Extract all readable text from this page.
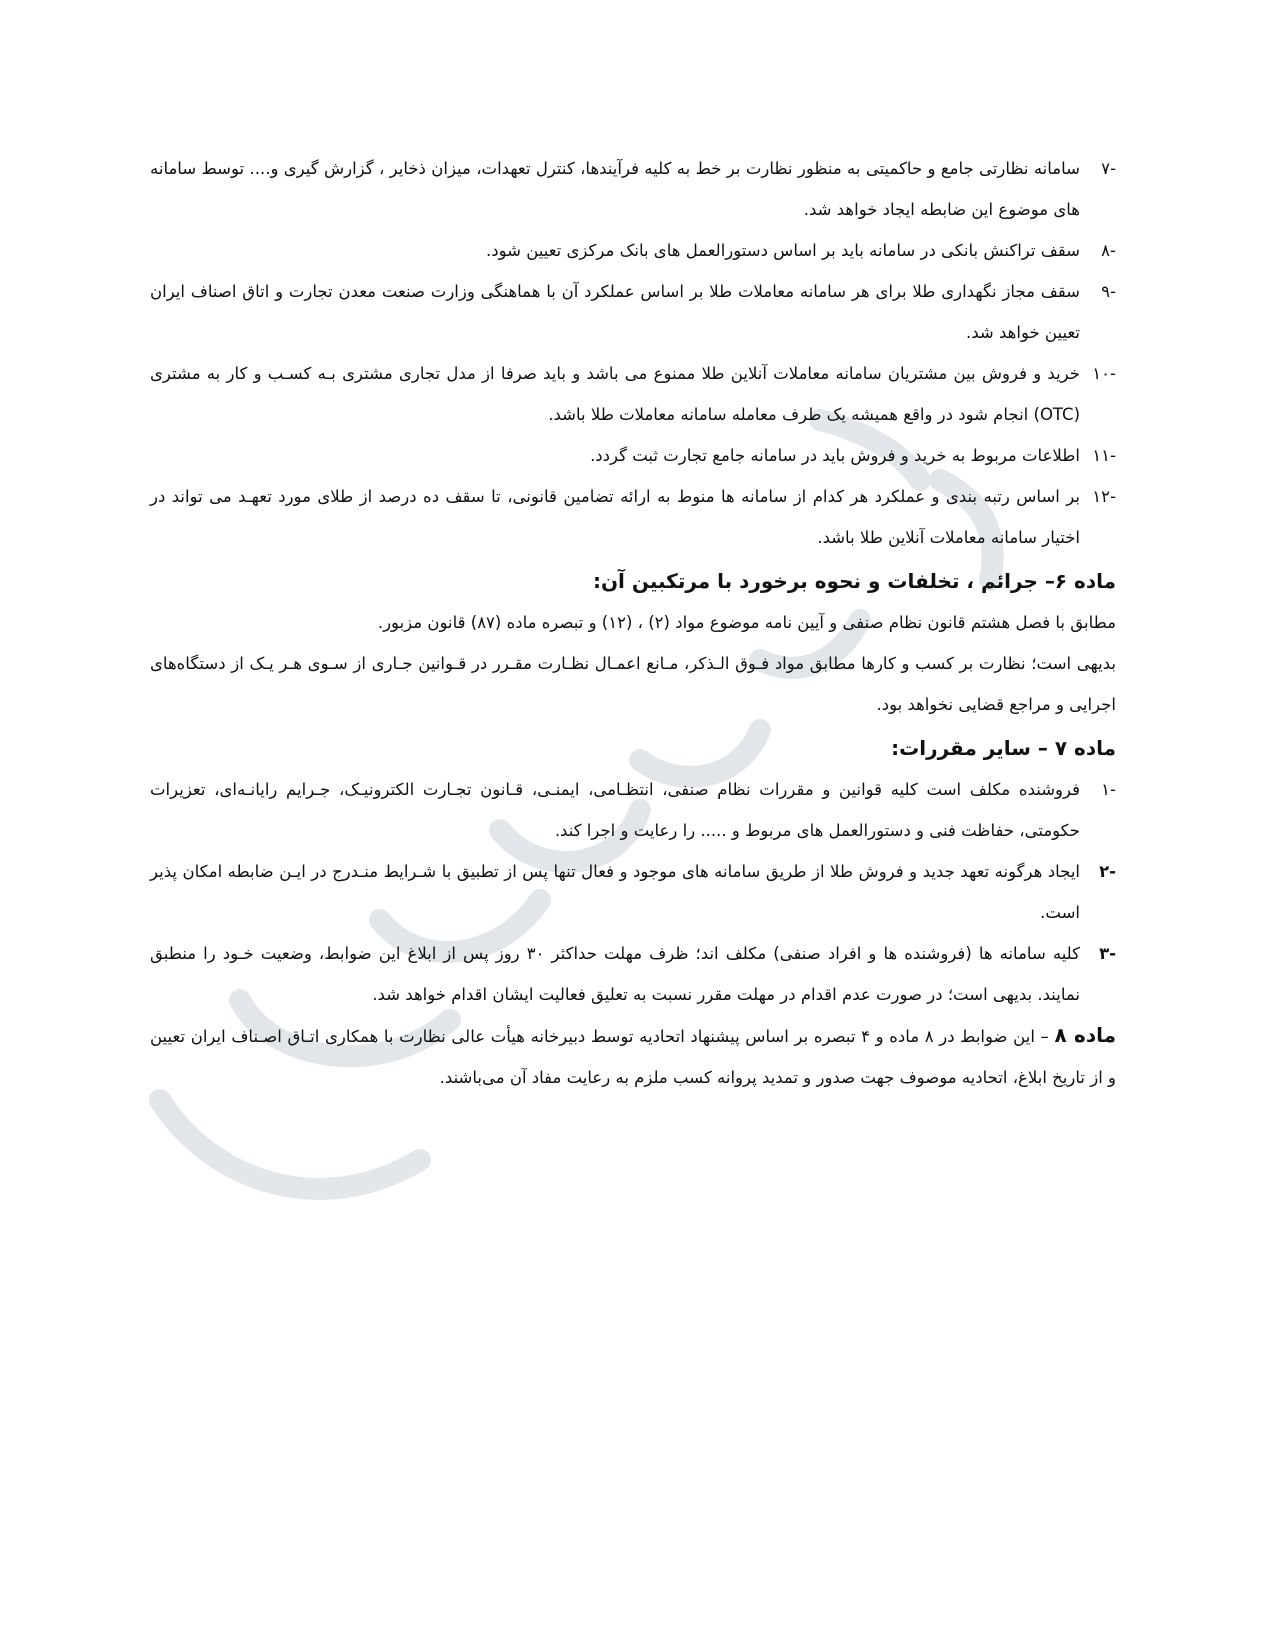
-۷
سامانه نظارتی جامع و حاکمیتی به منظور نظارت بر خط به کلیه فرآیندها، کنترل تعهدات، میزان ذخایر ، گزارش گیری و.... توسط سامانه های موضوع این ضابطه ایجاد خواهد شد.

-۸
سقف تراکنش بانکی در سامانه باید بر اساس دستورالعمل های بانک مرکزی تعیین شود.

-۹
سقف مجاز نگهداری طلا برای هر سامانه معاملات طلا بر اساس عملکرد آن با هماهنگی وزارت صنعت معدن تجارت و اتاق اصناف ایران تعیین خواهد شد.

-۱۰
خرید و فروش بین مشتریان سامانه معاملات آنلاین طلا ممنوع می باشد و باید صرفا از مدل تجاری مشتری بـه کسـب و کار به مشتری (OTC) انجام شود در واقع همیشه یک طرف معامله سامانه معاملات طلا باشد.

-۱۱
اطلاعات مربوط به خرید و فروش باید در سامانه جامع تجارت ثبت گردد.

-۱۲
بر اساس رتبه بندی و عملکرد هر کدام از سامانه ها منوط به ارائه تضامین قانونی، تا سقف ده درصد از طلای مورد تعهـد می تواند در اختیار سامانه معاملات آنلاین طلا باشد.

ماده ۶– جرائم ، تخلفات و نحوه برخورد با مرتکبین آن:

مطابق با فصل هشتم قانون نظام صنفی و آیین نامه موضوع مواد (۲) ، (۱۲) و تبصره ماده (۸۷) قانون مزبور.

بدیهی است؛ نظارت بر کسب و کارها مطابق مواد فـوق الـذکر، مـانع اعمـال نظـارت مقـرر در قـوانین جـاری از سـوی هـر یـک از دستگاه‌های اجرایی و مراجع قضایی نخواهد بود.

ماده ۷ – سایر مقررات:

-۱
فروشنده مکلف است کلیه قوانین و مقررات نظام صنفی، انتظـامی، ایمنـی، قـانون تجـارت الکترونیـک، جـرایم رایانـه‌ای، تعزیرات حکومتی، حفاظت فنی و دستورالعمل های مربوط و ..... را رعایت و اجرا کند.

-۲
ایجاد هرگونه تعهد جدید و فروش طلا از طریق سامانه های موجود و فعال تنها پس از تطبیق با شـرایط منـدرج در ایـن ضابطه امکان پذیر است.

-۳
کلیه سامانه ها (فروشنده ها و افراد صنفی) مکلف اند؛ ظرف مهلت حداکثر ۳۰ روز پس از ابلاغ این ضوابط، وضعیت خـود را منطبق نمایند. بدیهی است؛ در صورت عدم اقدام در مهلت مقرر نسبت به تعلیق فعالیت ایشان اقدام خواهد شد.

ماده ۸ – این ضوابط در ۸ ماده و ۴ تبصره بر اساس پیشنهاد اتحادیه توسط دبیرخانه هیأت عالی نظارت با همکاری اتـاق اصـناف ایران تعیین و از تاریخ ابلاغ، اتحادیه موصوف جهت صدور و تمدید پروانه کسب ملزم به رعایت مفاد آن می‌باشند.
